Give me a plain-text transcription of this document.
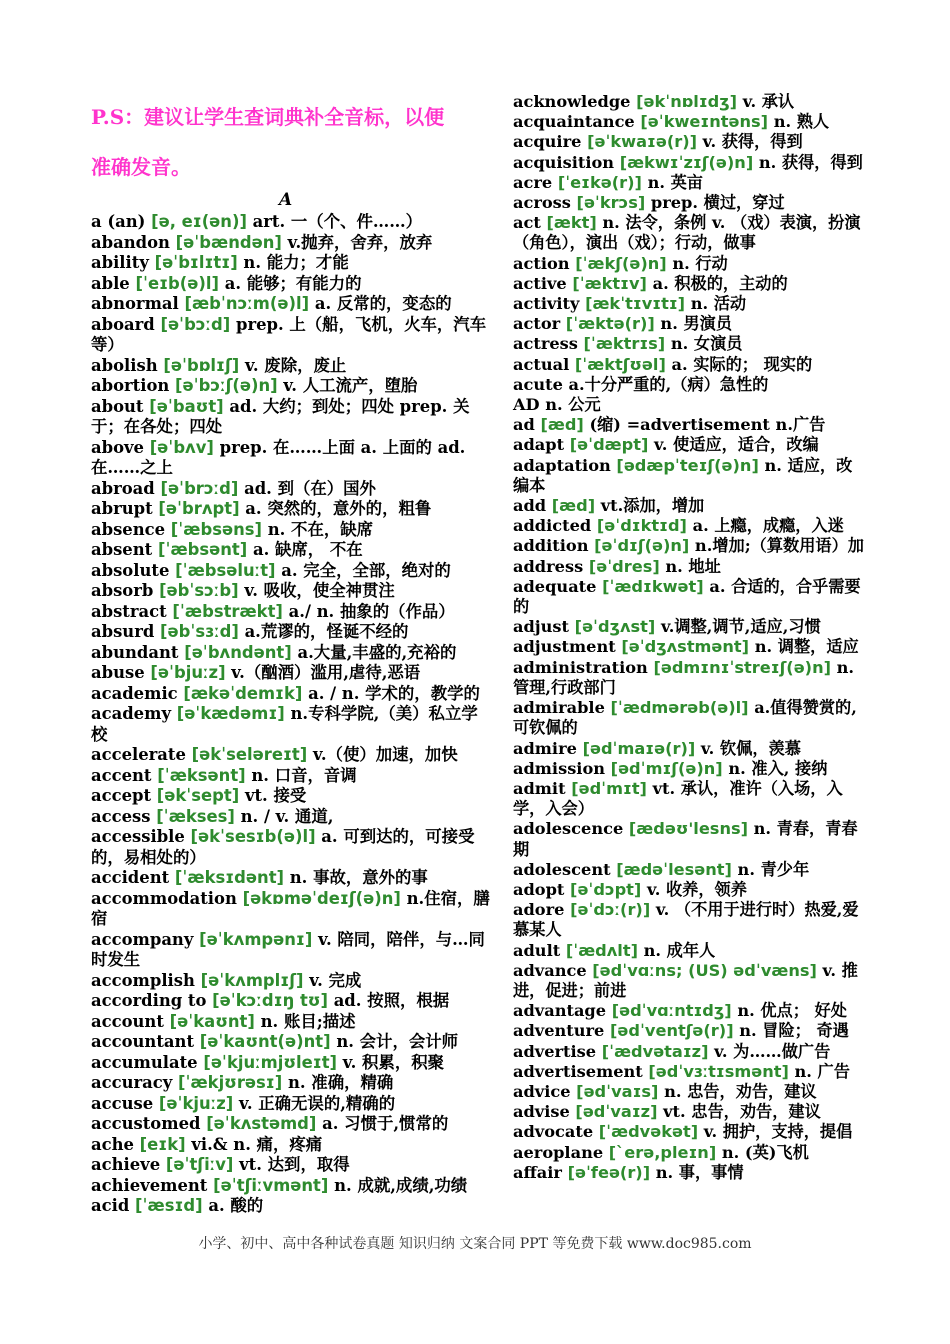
P.S：建议让学生查词典补全音标，以便
准确发音。
A
a (an) [ə, eɪ(ən)] art. 一（个、件……）
abandon [əˈbændən] v.抛弃，舍弃，放弃
ability [əˈbɪlɪtɪ] n. 能力；才能
able [ˈeɪb(ə)l] a. 能够；有能力的
abnormal [æbˈnɔːm(ə)l] a. 反常的，变态的
aboard [əˈbɔːd] prep. 上（船，飞机，火车，汽车等）
abolish [əˈbɒlɪʃ] v. 废除，废止
abortion [əˈbɔːʃ(ə)n] v. 人工流产，堕胎
about [əˈbaʊt] ad. 大约；到处；四处 prep. 关于；在各处；四处
above [əˈbʌv] prep. 在……上面 a. 上面的 ad. 在……之上
abroad [əˈbrɔːd] ad. 到（在）国外
abrupt [əˈbrʌpt] a. 突然的，意外的，粗鲁
absence [ˈæbsəns] n. 不在，缺席
absent [ˈæbsənt] a. 缺席， 不在
absolute [ˈæbsəluːt] a. 完全，全部，绝对的
absorb [əbˈsɔːb] v. 吸收，使全神贯注
abstract [ˈæbstrækt] a./ n. 抽象的（作品）
absurd [əbˈsɜːd] a.荒谬的，怪诞不经的
abundant [əˈbʌndənt] a.大量,丰盛的,充裕的
abuse [əˈbjuːz] v.（酗酒）滥用,虐待,恶语
academic [ækəˈdemɪk] a. / n. 学术的，教学的
academy [əˈkædəmɪ] n.专科学院,（美）私立学校
accelerate [əkˈseləreɪt] v.（使）加速，加快
accent [ˈæksənt] n. 口音，音调
accept [əkˈsept] vt. 接受
access [ˈækses] n. / v. 通道,
accessible [əkˈsesɪb(ə)l] a. 可到达的，可接受的，易相处的）
accident [ˈæksɪdənt] n. 事故，意外的事
accommodation [əkɒməˈdeɪʃ(ə)n] n.住宿，膳宿
accompany [əˈkʌmpənɪ] v. 陪同，陪伴，与…同时发生
accomplish [əˈkʌmplɪʃ] v. 完成
according to [əˈkɔːdɪŋ tʊ] ad. 按照，根据
account [əˈkaʊnt] n. 账目;描述
accountant [əˈkaʊnt(ə)nt] n. 会计，会计师
accumulate [əˈkjuːmjʊleɪt] v. 积累，积聚
accuracy [ˈækjʊrəsɪ] n. 准确，精确
accuse [əˈkjuːz] v. 正确无误的,精确的
accustomed [əˈkʌstəmd] a. 习惯于,惯常的
ache [eɪk] vi.& n. 痛，疼痛
achieve [əˈtʃiːv] vt. 达到，取得
achievement [əˈtʃiːvmənt] n. 成就,成绩,功绩
acid [ˈæsɪd] a. 酸的
acknowledge [əkˈnɒlɪdʒ] v. 承认
acquaintance [əˈkweɪntəns] n. 熟人
acquire [əˈkwaɪə(r)] v. 获得，得到
acquisition [ækwɪˈzɪʃ(ə)n] n. 获得，得到
acre [ˈeɪkə(r)] n. 英亩
across [əˈkrɔs] prep. 横过，穿过
act [ækt] n. 法令，条例 v. （戏）表演，扮演（角色），演出（戏）；行动，做事
action [ˈækʃ(ə)n] n. 行动
active [ˈæktɪv] a. 积极的，主动的
activity [ækˈtɪvɪtɪ] n. 活动
actor [ˈæktə(r)] n. 男演员
actress [ˈæktrɪs] n. 女演员
actual [ˈæktʃʊəl] a. 实际的； 现实的
acute a.十分严重的,（病）急性的
AD n. 公元
ad [æd] (缩) =advertisement n.广告
adapt [əˈdæpt] v. 使适应，适合，改编
adaptation [ədæpˈteɪʃ(ə)n] n. 适应，改编本
add [æd] vt.添加，增加
addicted [əˈdɪktɪd] a. 上瘾，成瘾，入迷
addition [əˈdɪʃ(ə)n] n.增加;（算数用语）加
address [əˈdres] n. 地址
adequate [ˈædɪkwət] a. 合适的，合乎需要的
adjust [əˈdʒʌst] v.调整,调节,适应,习惯
adjustment [əˈdʒʌstmənt] n. 调整，适应
administration [ədmɪnɪˈstreɪʃ(ə)n] n.管理,行政部门
admirable [ˈædmərəb(ə)l] a.值得赞赏的,可钦佩的
admire [ədˈmaɪə(r)] v. 钦佩，羡慕
admission [ədˈmɪʃ(ə)n] n. 准入, 接纳
admit [ədˈmɪt] vt. 承认，准许（入场，入学，入会）
adolescence [ædəʊ'lesns] n. 青春，青春期
adolescent [ædəˈlesənt] n. 青少年
adopt [əˈdɔpt] v. 收养，领养
adore [əˈdɔː(r)] v. （不用于进行时）热爱,爱慕某人
adult [ˈædʌlt] n. 成年人
advance [ədˈvɑːns; (US) ədˈvæns] v. 推进，促进；前进
advantage [ədˈvɑːntɪdʒ] n. 优点； 好处
adventure [ədˈventʃə(r)] n. 冒险； 奇遇
advertise [ˈædvətaɪz] v. 为……做广告
advertisement [ədˈvɜːtɪsmənt] n. 广告
advice [ədˈvaɪs] n. 忠告，劝告，建议
advise [ədˈvaɪz] vt. 忠告，劝告，建议
advocate [ˈædvəkət] v. 拥护，支持，提倡
aeroplane [`erə,pleɪn] n. (英)飞机
affair [əˈfeə(r)] n. 事，事情
小学、初中、高中各种试卷真题 知识归纳 文案合同 PPT 等免费下载 www.doc985.com
